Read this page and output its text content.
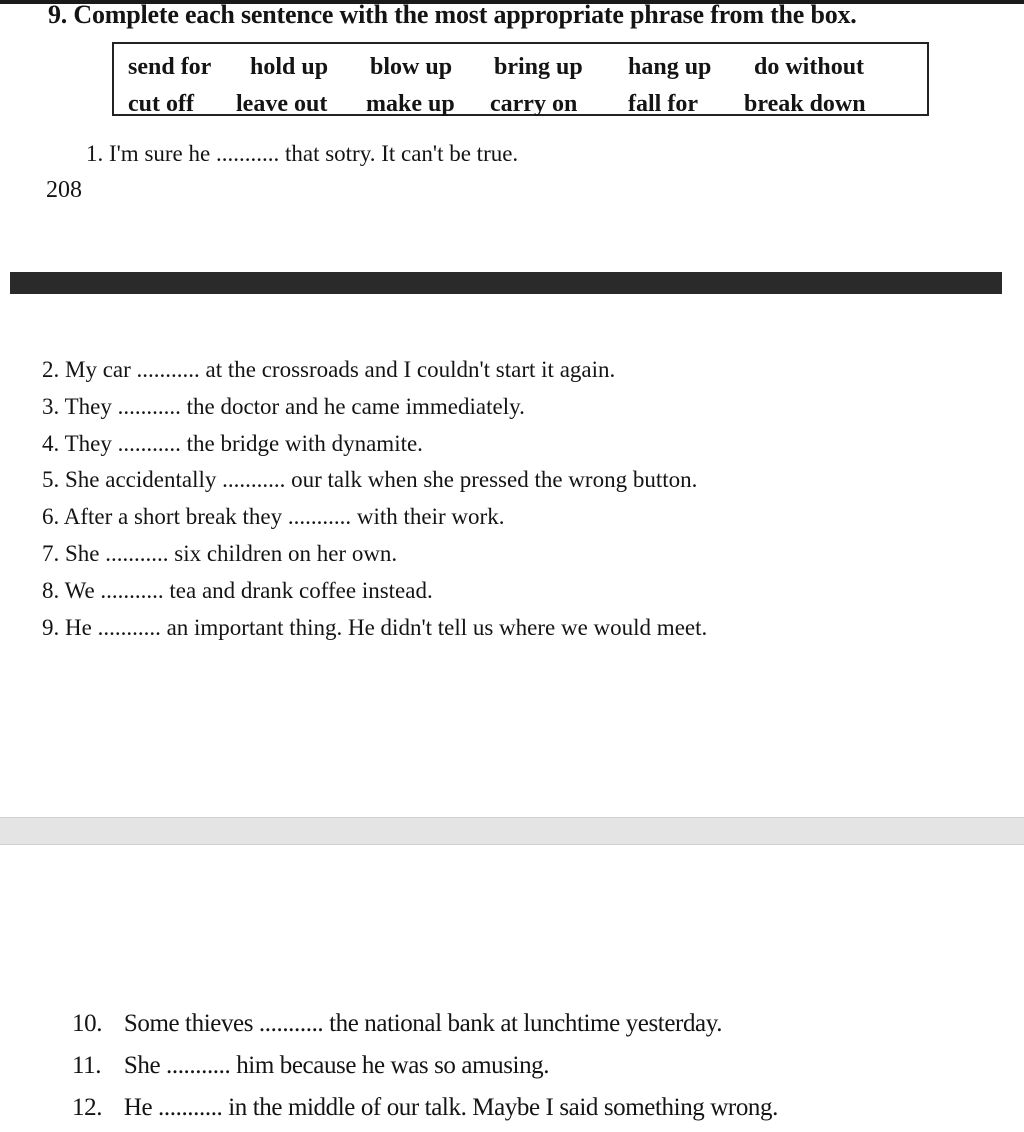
9. Complete each sentence with the most appropriate phrase from the box.
send for hold up blow up bring up hang up do without
cut off leave out make up carry on fall for break down
1. I'm sure he ........... that sotry. It can't be true.
208
2. My car ........... at the crossroads and I couldn't start it again.
3. They ........... the doctor and he came immediately.
4. They ........... the bridge with dynamite.
5. She accidentally ........... our talk when she pressed the wrong button.
6. After a short break they ........... with their work.
7. She ........... six children on her own.
8. We ........... tea and drank coffee instead.
9. He ........... an important thing. He didn't tell us where we would meet.
10. Some thieves ........... the national bank at lunchtime yesterday.
11. She ........... him because he was so amusing.
12. He ........... in the middle of our talk. Maybe I said something wrong.
